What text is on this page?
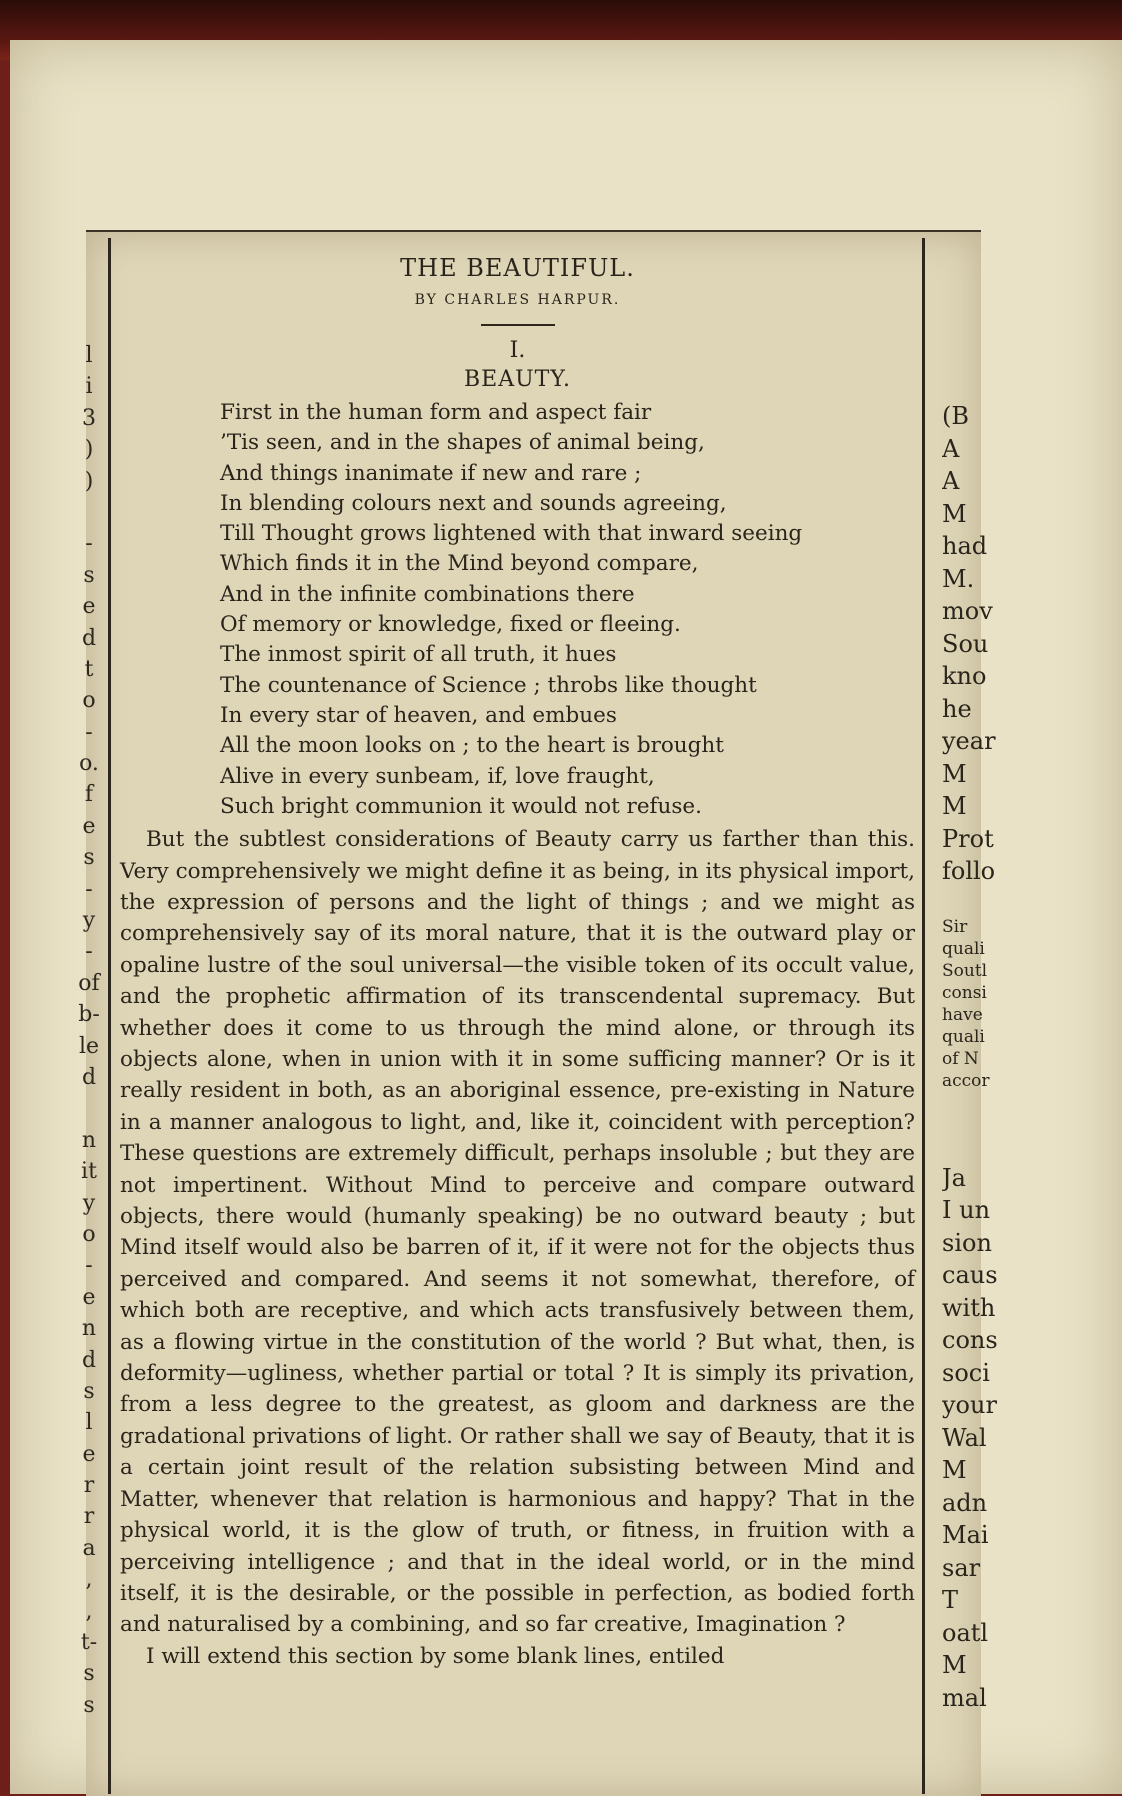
l
i
3
)
)
-
s
e
d
t
o
-
o.
f
e
s
-
y
-
of
b-
le
d
n
it
y
o
-
e
n
d
s
l
e
r
r
a
,
,
t-
s
s
THE BEAUTIFUL.
BY CHARLES HARPUR.
I.
BEAUTY.
First in the human form and aspect fair
’Tis seen, and in the shapes of animal being,
And things inanimate if new and rare ;
In blending colours next and sounds agreeing,
Till Thought grows lightened with that inward seeing
Which finds it in the Mind beyond compare,
And in the infinite combinations there
Of memory or knowledge, fixed or fleeing.
The inmost spirit of all truth, it hues
The countenance of Science ; throbs like thought
In every star of heaven, and embues
All the moon looks on ; to the heart is brought
Alive in every sunbeam, if, love fraught,
Such bright communion it would not refuse.

But the subtlest considerations of Beauty carry us farther than this. Very comprehensively we might define it as being, in its physical import, the expression of persons and the light of things ; and we might as comprehensively say of its moral nature, that it is the outward play or opaline lustre of the soul universal—the visible token of its occult value, and the prophetic affirmation of its transcendental supremacy. But whether does it come to us through the mind alone, or through its objects alone, when in union with it in some sufficing manner? Or is it really resident in both, as an aboriginal essence, pre-existing in Nature in a manner analogous to light, and, like it, coincident with perception? These questions are extremely difficult, perhaps insoluble ; but they are not impertinent. Without Mind to perceive and compare outward objects, there would (humanly speaking) be no outward beauty ; but Mind itself would also be barren of it, if it were not for the objects thus perceived and compared. And seems it not somewhat, therefore, of which both are receptive, and which acts transfusively between them, as a flowing virtue in the constitution of the world ? But what, then, is deformity—ugliness, whether partial or total ? It is simply its privation, from a less degree to the greatest, as gloom and darkness are the gradational privations of light. Or rather shall we say of Beauty, that it is a certain joint result of the relation subsisting between Mind and Matter, whenever that relation is harmonious and happy? That in the physical world, it is the glow of truth, or fitness, in fruition with a perceiving intelligence ; and that in the ideal world, or in the mind itself, it is the desirable, or the possible in perfection, as bodied forth and naturalised by a combining, and so far creative, Imagination ?

I will extend this section by some blank lines, entiled

(B
A
A
M
had
M.
mov
Sou
kno
he
year
M
M
Prot
follo
Sir
quali
Soutl
consi
have
quali
of N
accor
Ja
I un
sion
caus
with
cons
soci
your
Wal
M
adn
Mai
sar
T
oatl
M
mal
